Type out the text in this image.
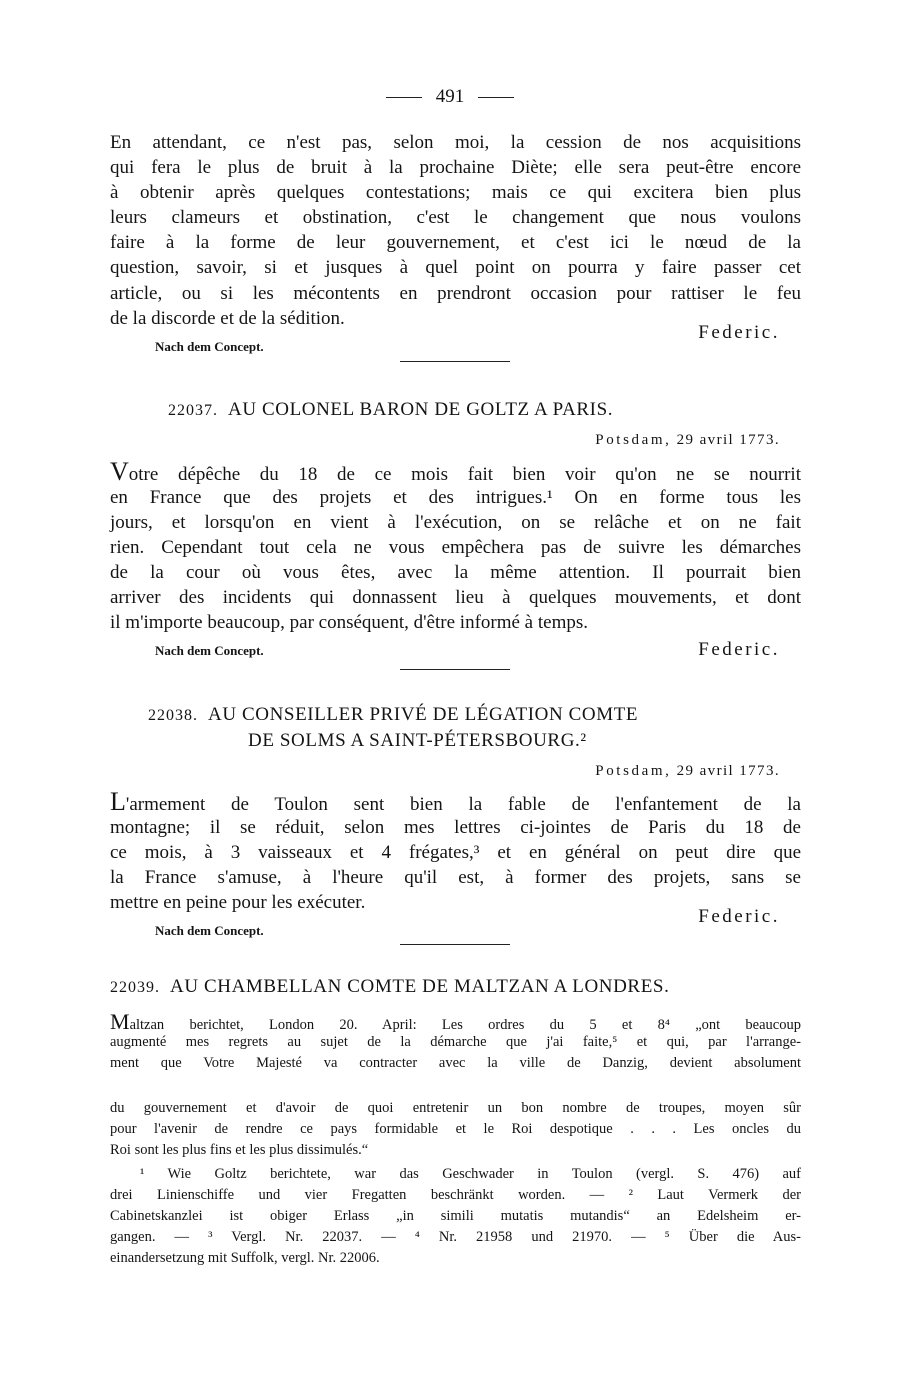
491
En attendant, ce n'est pas, selon moi, la cession de nos acquisitions
qui fera le plus de bruit à la prochaine Diète; elle sera peut-être encore
à obtenir après quelques contestations; mais ce qui excitera bien plus
leurs clameurs et obstination, c'est le changement que nous voulons
faire à la forme de leur gouvernement, et c'est ici le nœud de la
question, savoir, si et jusques à quel point on pourra y faire passer cet
article, ou si les mécontents en prendront occasion pour rattiser le feu
de la discorde et de la sédition.
Federic.
Nach dem Concept.
22037. AU COLONEL BARON DE GOLTZ A PARIS.
Potsdam, 29 avril 1773.
Votre dépêche du 18 de ce mois fait bien voir qu'on ne se nourrit
en France que des projets et des intrigues.¹ On en forme tous les
jours, et lorsqu'on en vient à l'exécution, on se relâche et on ne fait
rien. Cependant tout cela ne vous empêchera pas de suivre les démarches
de la cour où vous êtes, avec la même attention. Il pourrait bien
arriver des incidents qui donnassent lieu à quelques mouvements, et dont
il m'importe beaucoup, par conséquent, d'être informé à temps.
Nach dem Concept.	Federic.
22038. AU CONSEILLER PRIVÉ DE LÉGATION COMTE
DE SOLMS A SAINT-PÉTERSBOURG.²
Potsdam, 29 avril 1773.
L'armement de Toulon sent bien la fable de l'enfantement de la
montagne; il se réduit, selon mes lettres ci-jointes de Paris du 18 de
ce mois, à 3 vaisseaux et 4 frégates,³ et en général on peut dire que
la France s'amuse, à l'heure qu'il est, à former des projets, sans se
mettre en peine pour les exécuter.
Federic.
Nach dem Concept.
22039. AU CHAMBELLAN COMTE DE MALTZAN A LONDRES.
Maltzan berichtet, London 20. April: Les ordres du 5 et 8⁴ „ont beaucoup
augmenté mes regrets au sujet de la démarche que j'ai faite,⁵ et qui, par l'arrange-
ment que Votre Majesté va contracter avec la ville de Danzig, devient absolument
du gouvernement et d'avoir de quoi entretenir un bon nombre de troupes, moyen sûr
pour l'avenir de rendre ce pays formidable et le Roi despotique . . . Les oncles du
Roi sont les plus fins et les plus dissimulés.“
¹ Wie Goltz berichtete, war das Geschwader in Toulon (vergl. S. 476) auf
drei Linienschiffe und vier Fregatten beschränkt worden. — ² Laut Vermerk der
Cabinetskanzlei ist obiger Erlass „in simili mutatis mutandis“ an Edelsheim er-
gangen. — ³ Vergl. Nr. 22037. — ⁴ Nr. 21958 und 21970. — ⁵ Über die Aus-
einandersetzung mit Suffolk, vergl. Nr. 22006.
